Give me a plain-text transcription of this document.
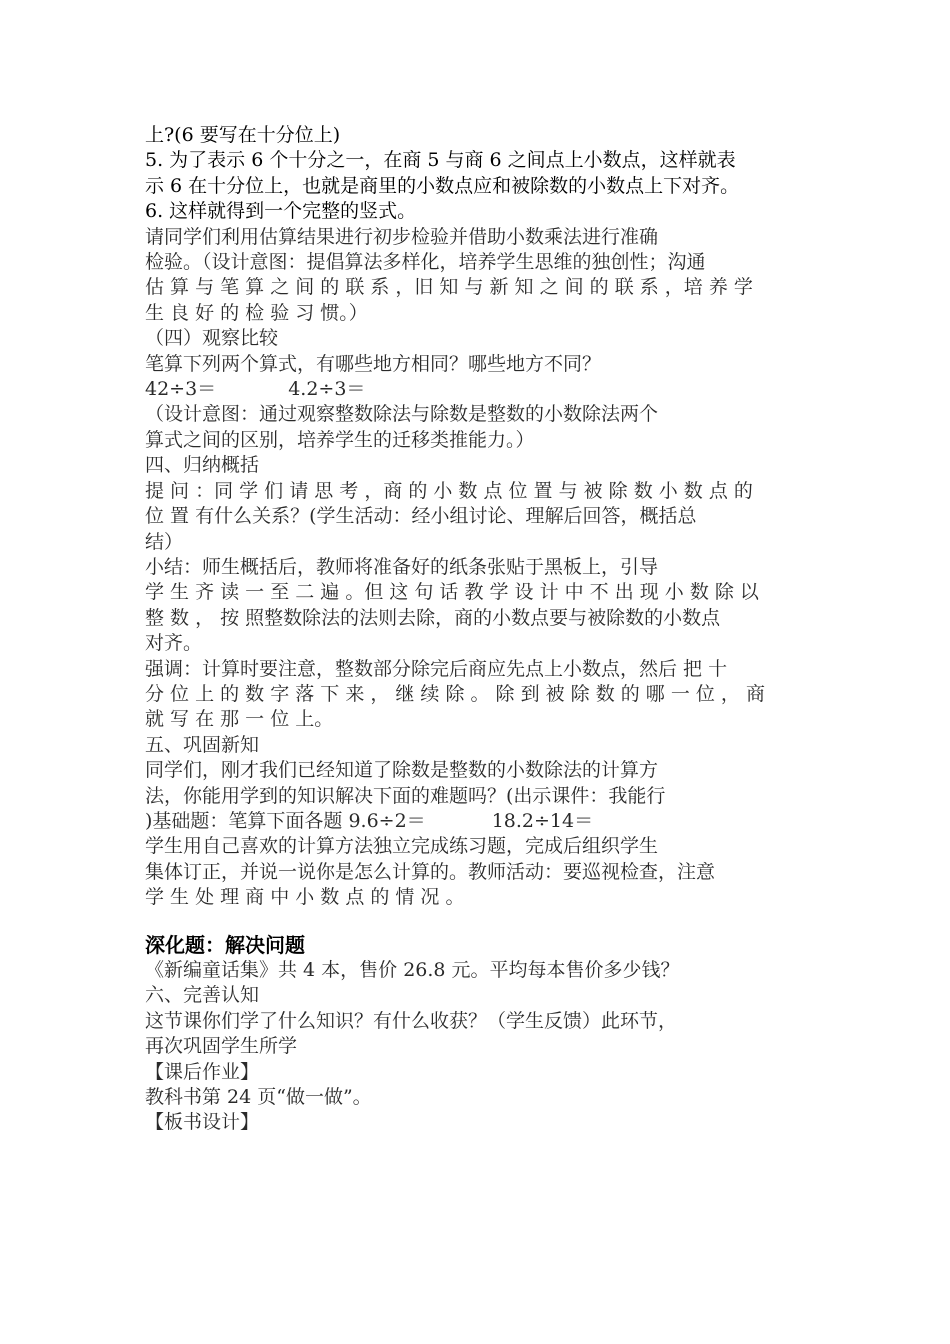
上?(6 要写在十分位上)
5. 为了表示 6 个十分之一，在商 5 与商 6 之间点上小数点，这样就表
示 6 在十分位上，也就是商里的小数点应和被除数的小数点上下对齐。
6. 这样就得到一个完整的竖式。
请同学们利用估算结果进行初步检验并借助小数乘法进行准确
检验。（设计意图：提倡算法多样化，培养学生思维的独创性；沟通
估 算 与 笔 算 之 间 的 联 系 ，旧 知 与 新 知 之 间 的 联 系 ，培 养 学
生 良 好 的 检 验 习 惯。）
（四）观察比较
笔算下列两个算式，有哪些地方相同？哪些地方不同？
42÷3＝	4.2÷3＝
（设计意图：通过观察整数除法与除数是整数的小数除法两个
算式之间的区别，培养学生的迁移类推能力。）
四、归纳概括
提 问 ：同 学 们 请 思 考 ，商 的 小 数 点 位 置 与 被 除 数 小 数 点 的
位 置 有什么关系？(学生活动：经小组讨论、理解后回答，概括总
结）
小结：师生概括后，教师将准备好的纸条张贴于黑板上，引导
学 生 齐 读 一 至 二 遍 。但 这 句 话 教 学 设 计 中 不 出 现 小 数 除 以
整 数 ， 按 照整数除法的法则去除，商的小数点要与被除数的小数点
对齐。
强调：计算时要注意，整数部分除完后商应先点上小数点，然后 把 十
分 位 上 的 数 字 落 下 来 ， 继 续 除 。 除 到 被 除 数 的 哪 一 位 ， 商
就 写 在 那 一 位 上。
五、巩固新知
同学们，刚才我们已经知道了除数是整数的小数除法的计算方
法，你能用学到的知识解决下面的难题吗？(出示课件：我能行
)基础题：笔算下面各题 9.6÷2＝	18.2÷14＝
学生用自己喜欢的计算方法独立完成练习题，完成后组织学生
集体订正，并说一说你是怎么计算的。教师活动：要巡视检查，注意
学 生 处 理 商 中 小 数 点 的 情 况 。
深化题：解决问题
《新编童话集》共 4 本，售价 26.8 元。平均每本售价多少钱？
六、完善认知
这节课你们学了什么知识？有什么收获？（学生反馈）此环节，
再次巩固学生所学
【课后作业】
教科书第 24 页“做一做”。
【板书设计】
